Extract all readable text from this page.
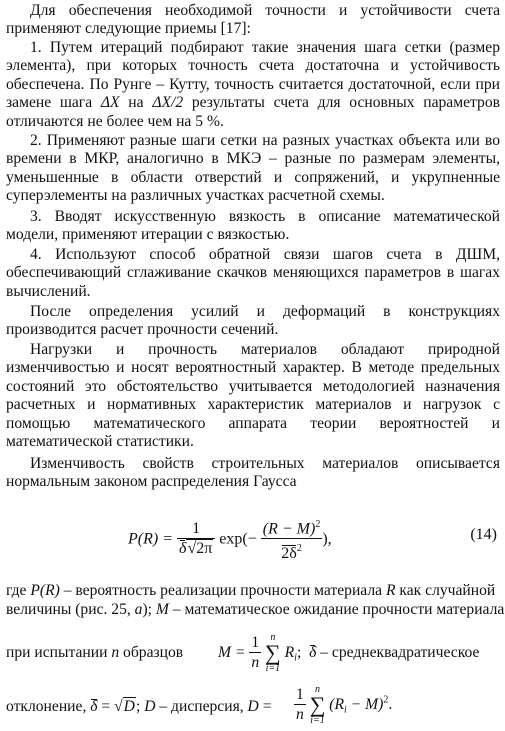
Для обеспечения необходимой точности и устойчивости счета применяют следующие приемы [17]:

1. Путем итераций подбирают такие значения шага сетки (размер элемента), при которых точность счета достаточна и устойчивость обеспечена. По Рунге – Кутту, точность считается достаточной, если при замене шага ΔX на ΔX/2 результаты счета для основных параметров отличаются не более чем на 5 %.

2. Применяют разные шаги сетки на разных участках объекта или во времени в МКР, аналогично в МКЭ – разные по размерам элементы, уменьшенные в области отверстий и сопряжений, и укрупненные суперэлементы на различных участках расчетной схемы.

3. Вводят искусственную вязкость в описание математической модели, применяют итерации с вязкостью.

4. Используют способ обратной связи шагов счета в ДШМ, обеспечивающий сглаживание скачков меняющихся параметров в шагах вычислений.

После определения усилий и деформаций в конструкциях производится расчет прочности сечений.

Нагрузки и прочность материалов обладают природной изменчивостью и носят вероятностный характер. В методе предельных состояний это обстоятельство учитывается методологией назначения расчетных и нормативных характеристик материалов и нагрузок с помощью математического аппарата теории вероятностей и математической статистики.

Изменчивость свойств строительных материалов описывается нормальным законом распределения Гаусса

$P(R) = \frac{1}{\delta√2\pi} \exp(- \frac{(R - M)^2}{2\delta^2}$ ),	(14)
где P(R) – вероятность реализации прочности материала R как случайной
величины (рис. 25, а); M – математическое ожидание прочности материала
при испытании n образцов $M = \frac{1}{n}$
n
∑
i=1
$R_i$; δ – среднеквадратическое
отклонение, δ = √D; D – дисперсия, $D = \frac{1}{n}$
n
∑
i=1
$(R_i - M)^2$.
